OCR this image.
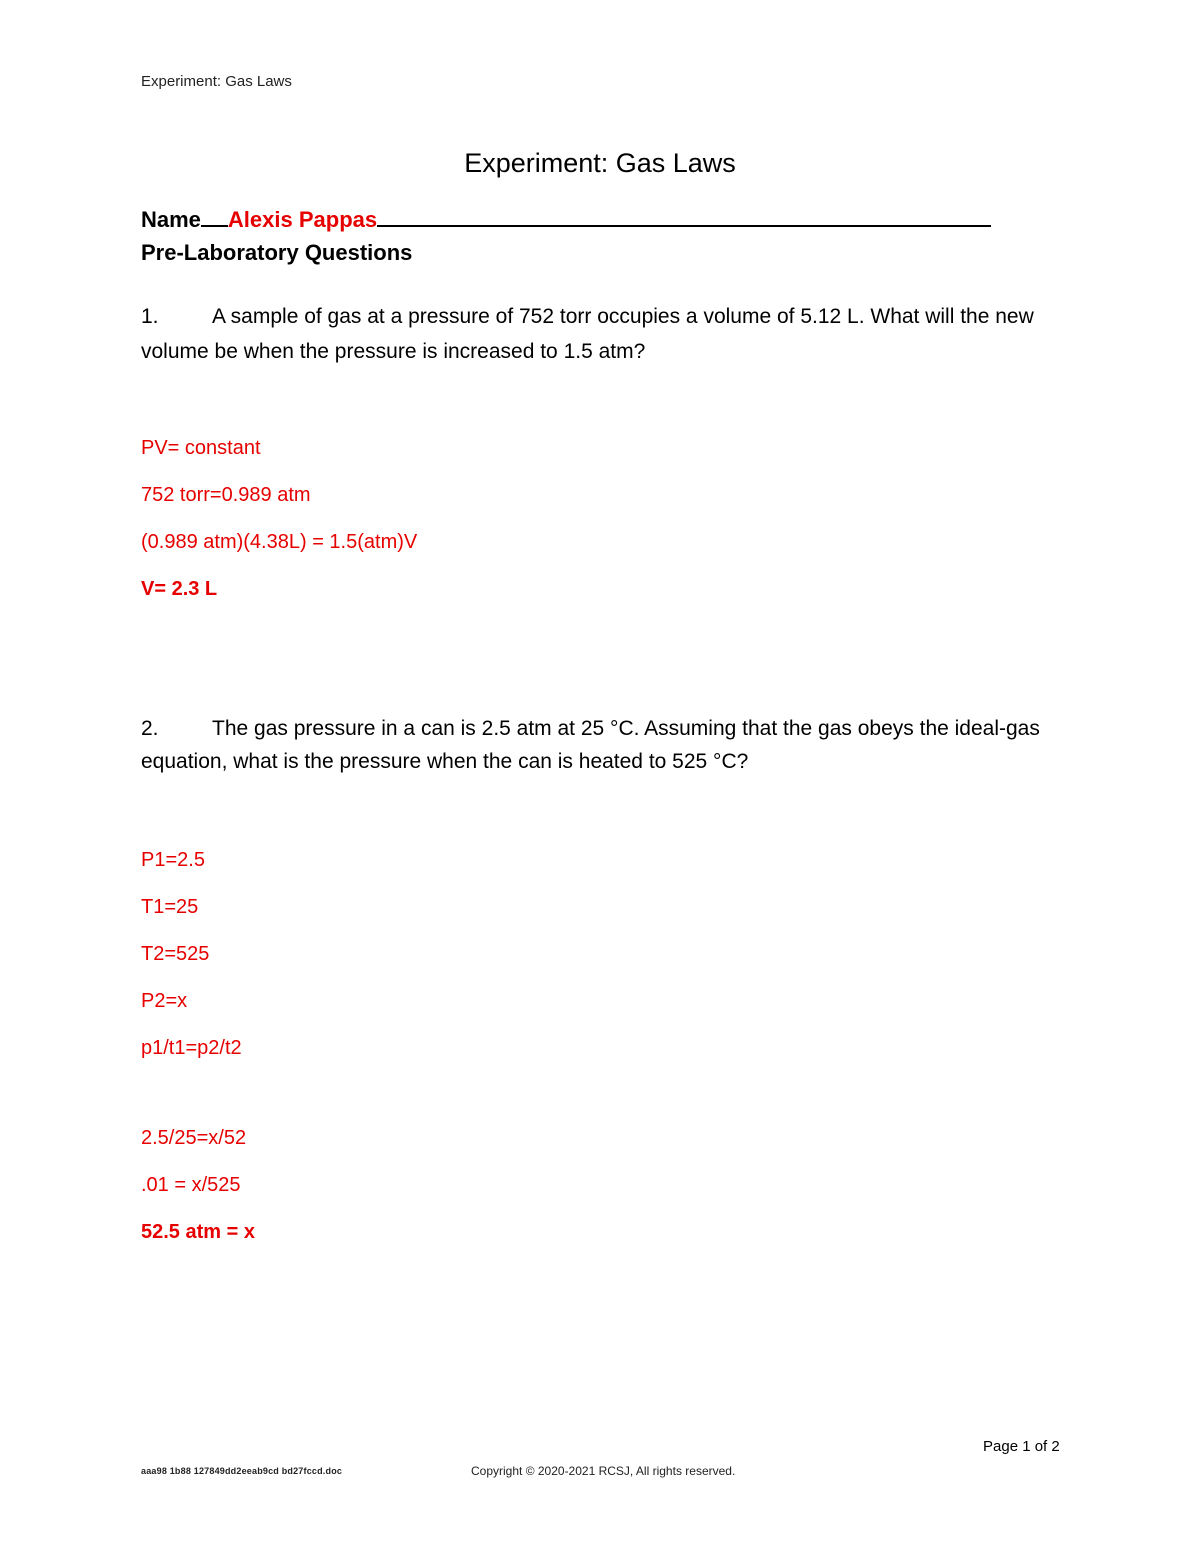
Experiment: Gas Laws
Experiment: Gas Laws
Name Alexis Pappas
Pre-Laboratory Questions
1.	A sample of gas at a pressure of 752 torr occupies a volume of 5.12 L. What will the new
volume be when the pressure is increased to 1.5 atm?
PV= constant
752 torr=0.989 atm
(0.989 atm)(4.38L) = 1.5(atm)V
V= 2.3 L
2.	The gas pressure in a can is 2.5 atm at 25 °C. Assuming that the gas obeys the ideal-gas
equation, what is the pressure when the can is heated to 525 °C?
P1=2.5
T1=25
T2=525
P2=x
p1/t1=p2/t2
2.5/25=x/52
.01 = x/525
52.5 atm = x
Page 1 of 2
aaa98 1b88 127849dd2eeab9cd bd27fccd.doc	Copyright © 2020-2021 RCSJ, All rights reserved.
